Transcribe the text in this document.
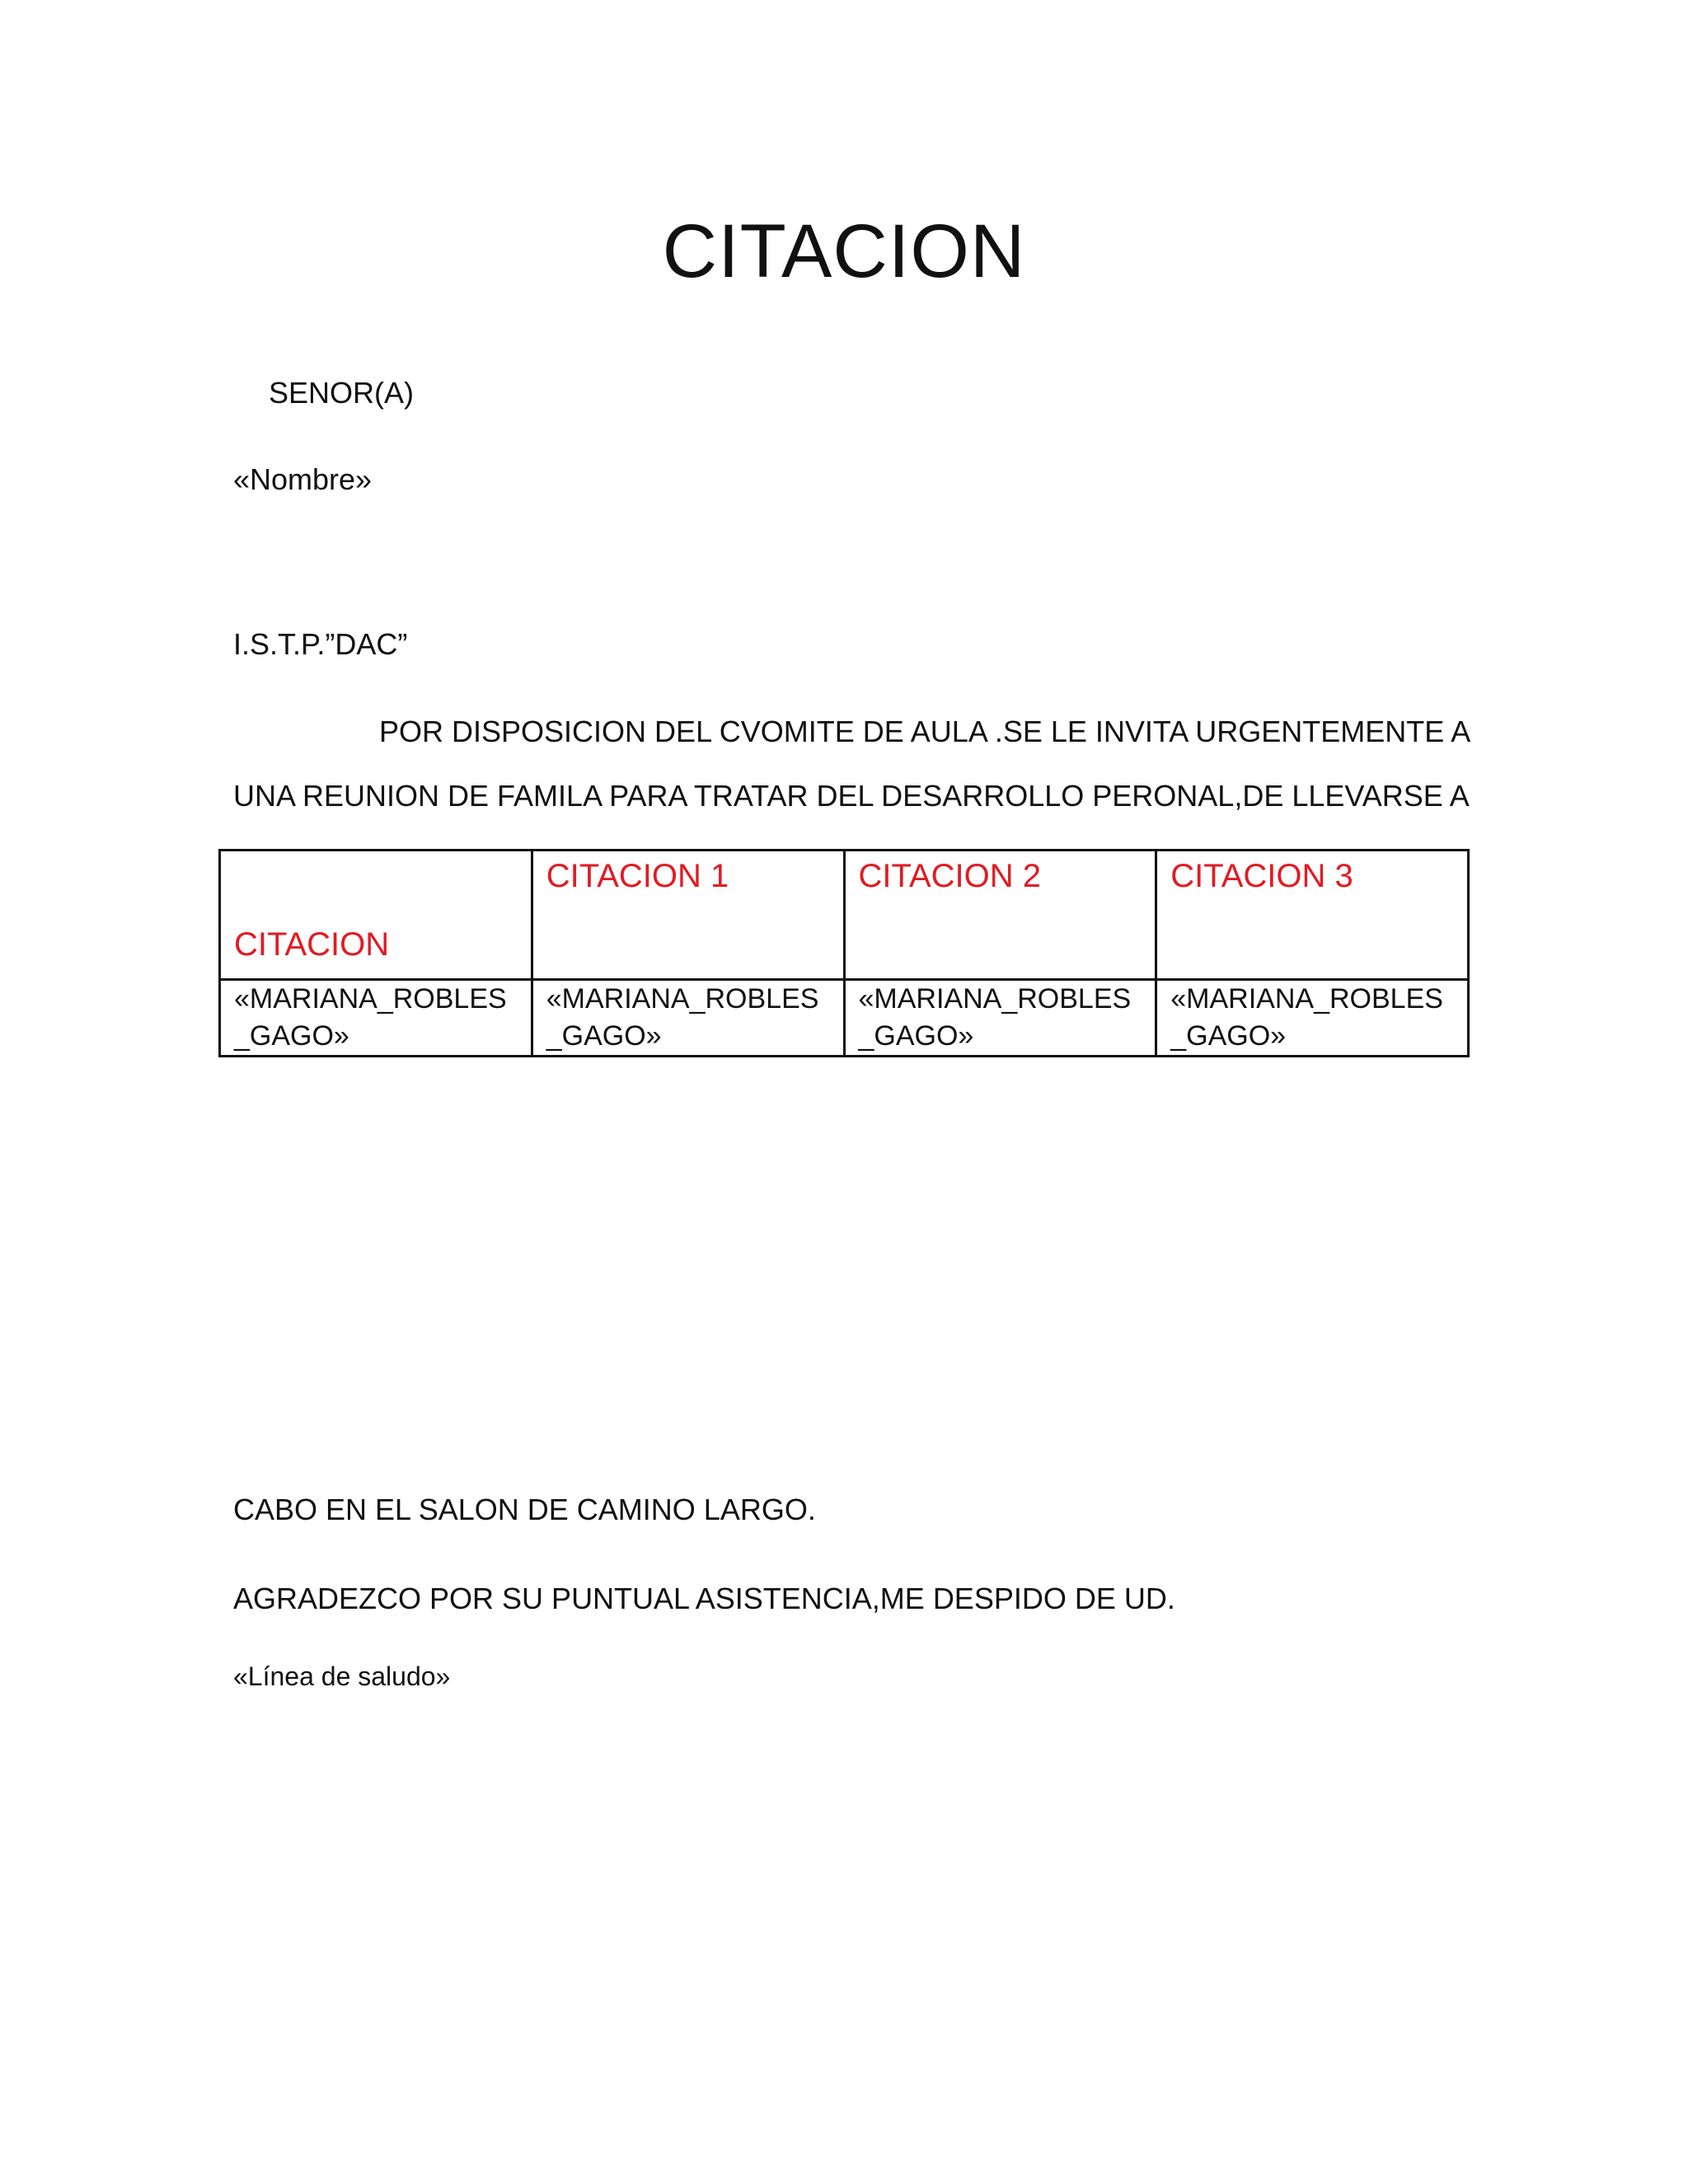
CITACION
SENOR(A)
«Nombre»
I.S.T.P.”DAC”
POR DISPOSICION DEL CVOMITE DE AULA .SE LE INVITA URGENTEMENTE A
UNA REUNION DE FAMILA PARA TRATAR DEL DESARROLLO PERONAL,DE LLEVARSE A
CITACION	CITACION 1	CITACION 2	CITACION 3
«MARIANA_ROBLES_GAGO»	«MARIANA_ROBLES_GAGO»	«MARIANA_ROBLES_GAGO»	«MARIANA_ROBLES_GAGO»
CABO EN EL SALON DE CAMINO LARGO.
AGRADEZCO POR SU PUNTUAL ASISTENCIA,ME DESPIDO DE UD.
«Línea de saludo»
